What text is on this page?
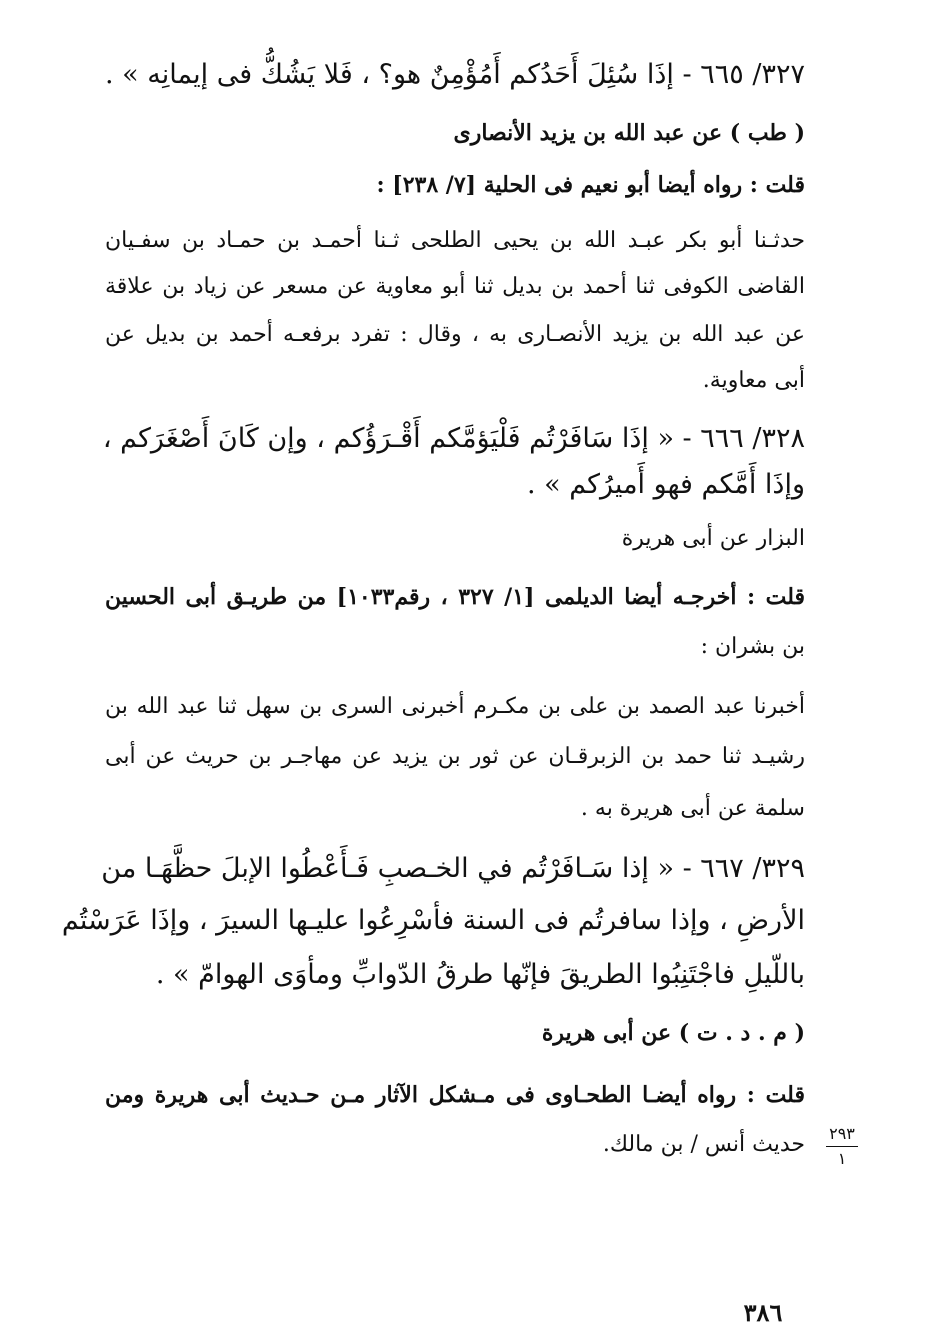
٣٢٧/ ٦٦٥ - إذَا سُئِلَ أَحَدُكم أَمُؤْمِنٌ هو؟ ، فَلا يَشُكُّ فى إيمانِه » .
( طب ) عن عبد الله بن يزيد الأنصارى
قلت : رواه أيضا أبو نعيم فى الحلية [٧/ ٢٣٨] :
حدثـنا أبو بكر عبـد الله بن يحيى الطلحى ثـنا أحمـد بن حمـاد بن سفـيان
القاضى الكوفى ثنا أحمد بن بديل ثنا أبو معاوية عن مسعر عن زياد بن علاقة
عن عبد الله بن يزيد الأنصـارى به ، وقال : تفرد برفعـه أحمد بن بديل عن
أبى معاوية.
٣٢٨/ ٦٦٦ - « إذَا سَافَرْتُم فَلْيَؤمَّكم أَقْـرَؤُكم ، وإن كَانَ أَصْغَرَكم ،
وإذَا أَمَّكم فهو أَميرُكم » .
البزار عن أبى هريرة
قلت : أخرجـه أيضا الديلمى [١/ ٣٢٧ ، رقم١٠٣٣] من طريـق أبى الحسين
بن بشران :
أخبرنا عبد الصمد بن على بن مكـرم أخبرنى السرى بن سهل ثنا عبد الله بن
رشيـد ثنا حمد بن الزبرقـان عن ثور بن يزيد عن مهاجـر بن حريث عن أبى
سلمة عن أبى هريرة به .
٣٢٩/ ٦٦٧ - « إذا سَـافَرْتُم في الخـصبِ فَـأَعْطُوا الإبلَ حظَّهَـا من
الأرضِ ، وإذا سافرتُم فى السنة فأسْرِعُوا عليـها السيرَ ، وإذَا عَرَسْتُم
باللّيلِ فاجْتَنِبُوا الطريقَ فإنّها طرقُ الدّوابِّ ومأوَى الهوامّ » .
( م . د . ت ) عن أبى هريرة
قلت : رواه أيضـا الطحـاوى فى مـشكل الآثار مـن حـديث أبى هريرة ومن
حديث أنس / بن مالك.	٢٩٣
١
٣٨٦
